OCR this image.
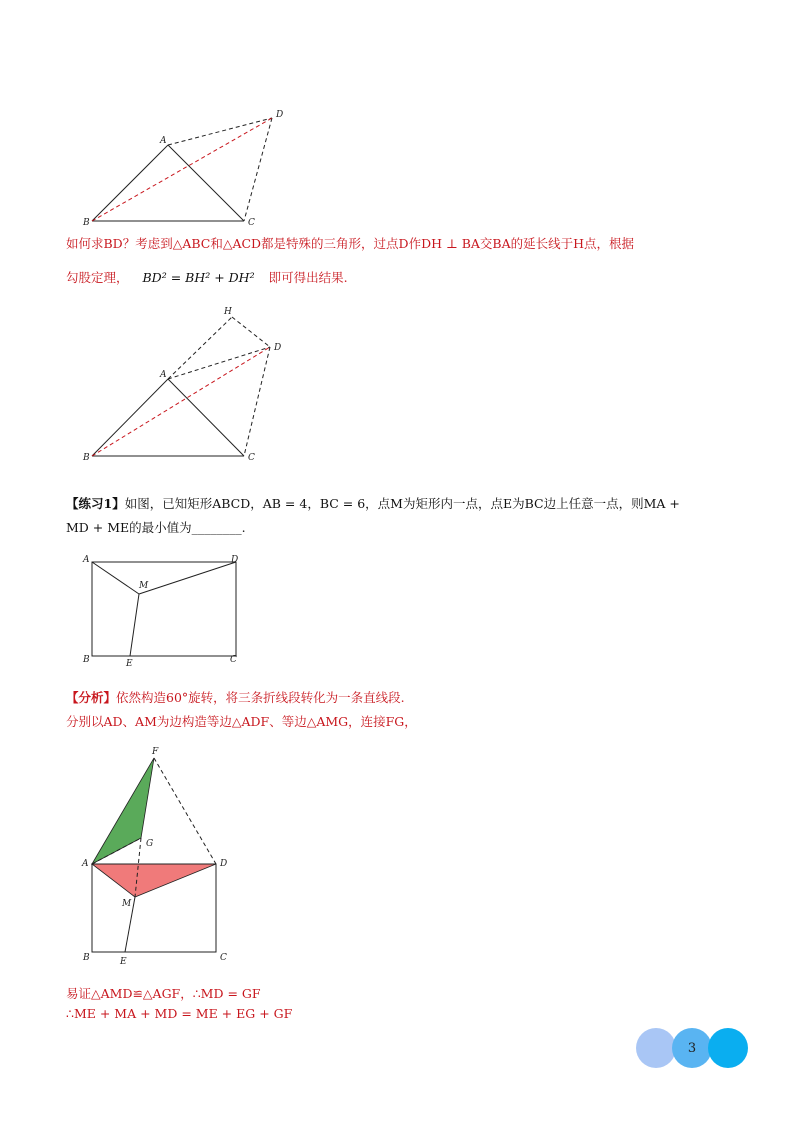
A
B	C
D
如何求BD？考虑到△ABC和△ACD都是特殊的三角形，过点D作DH ⊥ BA交BA的延长线于H点，根据
勾股定理， BD² = BH² + DH² 即可得出结果.
H
A
B	C
D
【练习1】如图，已知矩形ABCD，AB = 4，BC = 6，点M为矩形内一点，点E为BC边上任意一点，则MA +
MD + ME的最小值为________.
A	D
M
B	E	C
【分析】依然构造60°旋转，将三条折线段转化为一条直线段.
分别以AD、AM为边构造等边△ADF、等边△AMG，连接FG，
F
G
A	D
M
B	E	C
易证△AMD≌△AGF，∴MD = GF
∴ME + MA + MD = ME + EG + GF
3
